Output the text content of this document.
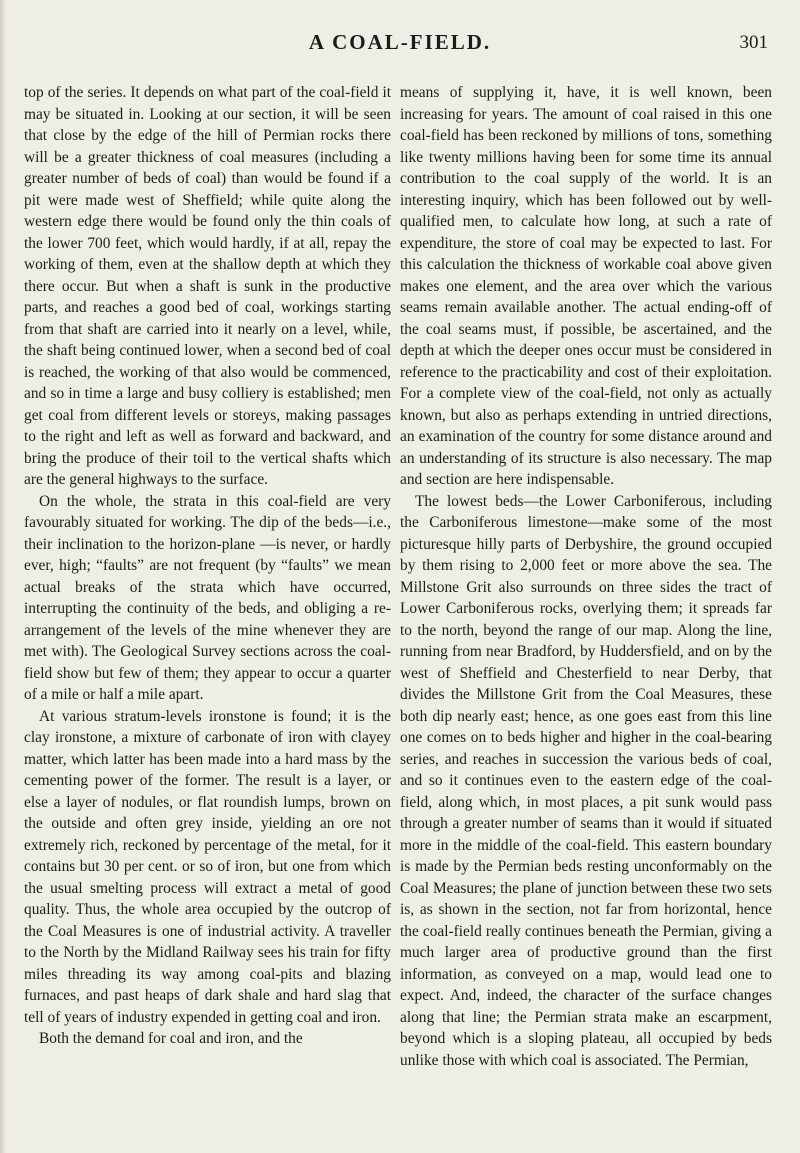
A COAL-FIELD.	301

top of the series. It depends on what part of the coal-field it may be situated in. Looking at our section, it will be seen that close by the edge of the hill of Permian rocks there will be a greater thickness of coal measures (including a greater number of beds of coal) than would be found if a pit were made west of Sheffield; while quite along the western edge there would be found only the thin coals of the lower 700 feet, which would hardly, if at all, repay the working of them, even at the shallow depth at which they there occur. But when a shaft is sunk in the productive parts, and reaches a good bed of coal, workings starting from that shaft are carried into it nearly on a level, while, the shaft being continued lower, when a second bed of coal is reached, the working of that also would be commenced, and so in time a large and busy colliery is established; men get coal from different levels or storeys, making passages to the right and left as well as forward and backward, and bring the produce of their toil to the vertical shafts which are the general highways to the surface.

On the whole, the strata in this coal-field are very favourably situated for working. The dip of the beds—i.e., their inclination to the horizon-plane —is never, or hardly ever, high; “faults” are not frequent (by “faults” we mean actual breaks of the strata which have occurred, interrupting the continuity of the beds, and obliging a re-arrangement of the levels of the mine whenever they are met with). The Geological Survey sections across the coal-field show but few of them; they appear to occur a quarter of a mile or half a mile apart.

At various stratum-levels ironstone is found; it is the clay ironstone, a mixture of carbonate of iron with clayey matter, which latter has been made into a hard mass by the cementing power of the former. The result is a layer, or else a layer of nodules, or flat roundish lumps, brown on the outside and often grey inside, yielding an ore not extremely rich, reckoned by percentage of the metal, for it contains but 30 per cent. or so of iron, but one from which the usual smelting process will extract a metal of good quality. Thus, the whole area occupied by the outcrop of the Coal Measures is one of industrial activity. A traveller to the North by the Midland Railway sees his train for fifty miles threading its way among coal-pits and blazing furnaces, and past heaps of dark shale and hard slag that tell of years of industry expended in getting coal and iron.

Both the demand for coal and iron, and the

means of supplying it, have, it is well known, been increasing for years. The amount of coal raised in this one coal-field has been reckoned by millions of tons, something like twenty millions having been for some time its annual contribution to the coal supply of the world. It is an interesting inquiry, which has been followed out by well-qualified men, to calculate how long, at such a rate of expenditure, the store of coal may be expected to last. For this calculation the thickness of workable coal above given makes one element, and the area over which the various seams remain available another. The actual ending-off of the coal seams must, if possible, be ascertained, and the depth at which the deeper ones occur must be considered in reference to the practicability and cost of their exploitation. For a complete view of the coal-field, not only as actually known, but also as perhaps extending in untried directions, an examination of the country for some distance around and an understanding of its structure is also necessary. The map and section are here indispensable.

The lowest beds—the Lower Carboniferous, including the Carboniferous limestone—make some of the most picturesque hilly parts of Derbyshire, the ground occupied by them rising to 2,000 feet or more above the sea. The Millstone Grit also surrounds on three sides the tract of Lower Carboniferous rocks, overlying them; it spreads far to the north, beyond the range of our map. Along the line, running from near Bradford, by Huddersfield, and on by the west of Sheffield and Chesterfield to near Derby, that divides the Millstone Grit from the Coal Measures, these both dip nearly east; hence, as one goes east from this line one comes on to beds higher and higher in the coal-bearing series, and reaches in succession the various beds of coal, and so it continues even to the eastern edge of the coal-field, along which, in most places, a pit sunk would pass through a greater number of seams than it would if situated more in the middle of the coal-field. This eastern boundary is made by the Permian beds resting unconformably on the Coal Measures; the plane of junction between these two sets is, as shown in the section, not far from horizontal, hence the coal-field really continues beneath the Permian, giving a much larger area of productive ground than the first information, as conveyed on a map, would lead one to expect. And, indeed, the character of the surface changes along that line; the Permian strata make an escarpment, beyond which is a sloping plateau, all occupied by beds unlike those with which coal is associated. The Permian,
